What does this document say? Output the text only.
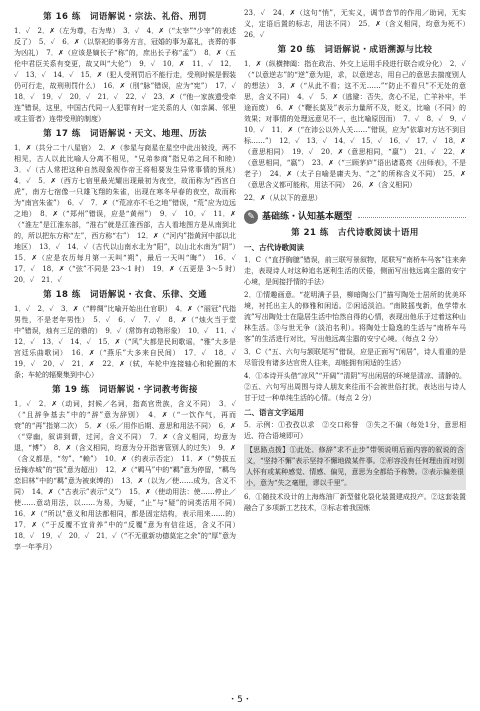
第 16 练　词语解说・宗法、礼俗、刑罚

1．✓　2．✗（左为尊，右为卑）　3．✓　4．✗（“太宰”“少宰”的表述反了）　5．✓　6．✗（以祭祀的事务方言，冠婚的事为嘉礼，丧葬的事为凶礼）　7．✗（应该是嫡长子“称”的，庶出长子称“孟”）　8．✗（五伦中君臣关系有变更，故又叫“大伦”）　9．✓　10．✗　11．✓　12．✓　13．✓　14．✓　15．✗（犯人受刑罚后不能行走，受刑时候是假装仍可行走，故刑刑罚什么）　16．✗（刖“脉”错误，应为“宪”）　17．✓　18．✓　19．✓　20．✓　21．✓　22．✓　23．✗（“他一家族遗受牵连”错误，这里，中国古代同一人犯罪有时一定关系的人（如亲属、邻里或主管者）连带受刑的制度）

第 17 练　词语解说・天文、地理、历法

1．✗（共分二十八星宿）　2．✗（参星与商星在星空中此出彼没，两不相见，古人以此比喻人分离不相见，“兄弟参商”指兄弟之间不和睦）　3．✓（古人常把这种自然现象视作帝王将相要发生异常事情的预兆）　4．✓　5．✗（西方七宿里最光耀出现最初为夜空，故而称为“西宫白虎”，南方七宿像一只雄飞翔的朱雀，出现在寒冬早春的夜空，故而称为“南宫朱雀”）　6．✓　7．✗（“荒凉亦不毛之地”错误，“荒”应为边远之地）　8．✗（“郑州”错误，应是“黄州”）　9．✓　10．✓　11．✗（“淮左”是江淮东部，“淮右”就是江淮西部，古人看地图方是从南到北的，所以把东方称“左”，西方称“右”）　12．✗（“河内”指黄河中部以北地区）　13．✓　14．✓（古代以山南水北为“阳”，以山北水南为“阴”）　15．✗（应是农历每月第一天叫“朔”，最后一天叫“晦”）　16．✓　17．✓　18．✗（“弦”不同是 23～1 时）　19．✗（五更是 3～5 时）　20．✓　21．✓

第 18 练　词语解说・衣食、乐律、交通

1．✓　2．✓　3．✗（“粹绸”比喻开始出仕官职）　4．✗（“丽冠”代指男性，不是老年男性）　5．✓　6．✓　7．✓　8．✗（“烛火当于堂中”错误，烛有三足的鼎的）　9．✓（常饰有动物形象）　10．✓　11．✓　12．✓　13．✓　14．✓　15．✗（“风”大都是民间歌谣，“雅”大多是宫廷乐曲歌词）　16．✗（“燕乐”大多来自民间）　17．✓　18．✓　19．✓　20．✓　21．✗　22．✗（轼，车轮中连接轴心和轮圈的木条；车轮的辐聚集到中心）

第 19 练　词语解说・字词教考街接

1．✓　2．✗（动词，封候／名词，指高官贵族，含义不同）　3．✓（“且辞争基去”中的“辞”意为辞别）　4．✗（“一饮作气，再而衰”的“再”指第二次）　5．✗（乐／用作后期、意思和用法不同）　6．✗（“穿幽，叙讲到谓，过河，含义不同）　7．✗（含义相同，均意为退，“博”）　8．✗（含义相同，均意为分开指害管别人的过失）　9．✗（含义都是，“勿”、“赖”）　10．✗（约表示否定）　11．✗（“势拔五岳掩赤城”的“拔”意为超出）　12．✗（“羁马”中的“羁”意为停留，“羁鸟恋旧林”中的“羁”意为被束缚的）　13．✗（以为／使……成为，含义不同）　14．✗（“古表示”表示“义”）　15．✗（使动用法：使……停止／使……意动用法，以……为易，为疑，“止”与“疑”的词类活用不同）　16．✗（“所以”意义和用法都相同，都是固定结构，表示用来……的）　17．✗（“于反覆不宜肯养”中的“反覆”意为有信往返，含义不同）　18．✓　19．✓　20．✓　21．✓（“不无重新功德莫定之余”的“厚”意为享一年季月）

23．✓　24．✗（这句“悄”，无实义，调节音节的作用／助词，无实义，定语后置的标志，用法不同）　25．✗（含义相同，均意为死不）　26．✓

第 20 练　词语解说・成语溯源与比较

1．✗（纵横捭阖：指在政治、外交上运用手段进行联合或分化）　2．✓（“以意逆志”的“逆”意为迎，求，以意逆志，用自己的意思去揣度别人的想法）　3．✗（“从此不看；这不无……”“防止不看只”不无处的意思，含义不同）　4．✓　5．✗（逃避：否失，贪心不足，亡羊补牢，半途而废）　6．✗（“鞭长莫及”表示力量所不及，贬义，比喻（不同）的效果；对事情的处理远意见不一，也比喻原因而）　7．✓　8．✓　9．✓　10．✓　11．✗（“在沛公以外人关……”错误，应为”依靠对方达不到目标……”）　12．✓　13．✓　14．✓　15．✓　16．✓　17．✓　18．✗（意思相同）　19．✓　20．✗（意思相同，“嬴”）　21．✓　22．✗（意思相同，“嬴”）　23．✗（“三顾茅庐”语出诸葛亮《出师表》，不是老子）　24．✗（太子自喻是庸夫为、“之”的所称含义不同）　25．✗（意思含义都可能称，用法不同）　26．✗（含义相同）

22．✗（从以下的意思）

✎ 基础练・认知基本题型
第 21 练　古代诗歌阅读十语用
一、古代诗歌阅读

1．C（“直抒胸臆”错误，前三联写景叙物，尾联写“南桥车马客”往来奔走，表现诗人对这种追名逐利生活的厌倦，侧面写出他远离尘嚣的安宁心境，是间接抒情的手法）

2．①情趣画意。“花明满子县，柳暗陶公门”描写陶处士居所的优美环境，衬托出主人的修雅和闲适。②闲适淡泊。“南陂摇曳新，鱼学带水流”写出陶处士在隐居生活中怡然自得的心情，表现出他乐于过着这种山林生活。③与世无争（淡泊名利）。将陶处士隐逸的生活与“南桥车马客”的生活进行对比，写出他远离尘嚣的安宁心境。（每点 2 分）

3．C（“五、六句与颔联尾写”错误，应是正面写“闲居”，诗人看重的是尽管没有诸多达官贵人往来，却能拥有闲适的生活）

4．①本诗开头借“凉风”“开阔”“清阴”写出闲居的环境是清凉、清静的。②五、六句写出周围与诗人朋友来往而不会被世俗打扰，表达出与诗人甘于过一种单纯生活的心情。（每点 2 分）

二、语言文字运用

5．示例：①孜孜以求　②交口称誉　③失之不偏（每处1分，意思相近、符合语境即可）

【思路点拨】①此处、修辞”求不止步”带领说明后面内容的叙说的含义，“坚持不懈”表示坚持不懈地做某件事。②形容没有任何理由而对别人怀有或某种感觉、情感、偏见，意思为全都给予称赞。③表示偏差很小，意为“失之毫厘，谬以千里”。

6．①随技术设计的上海炼油厂新型催化裂化装置建成投产。②这套装置融合了多项新工艺技术，③标志着我国炼

・5・
